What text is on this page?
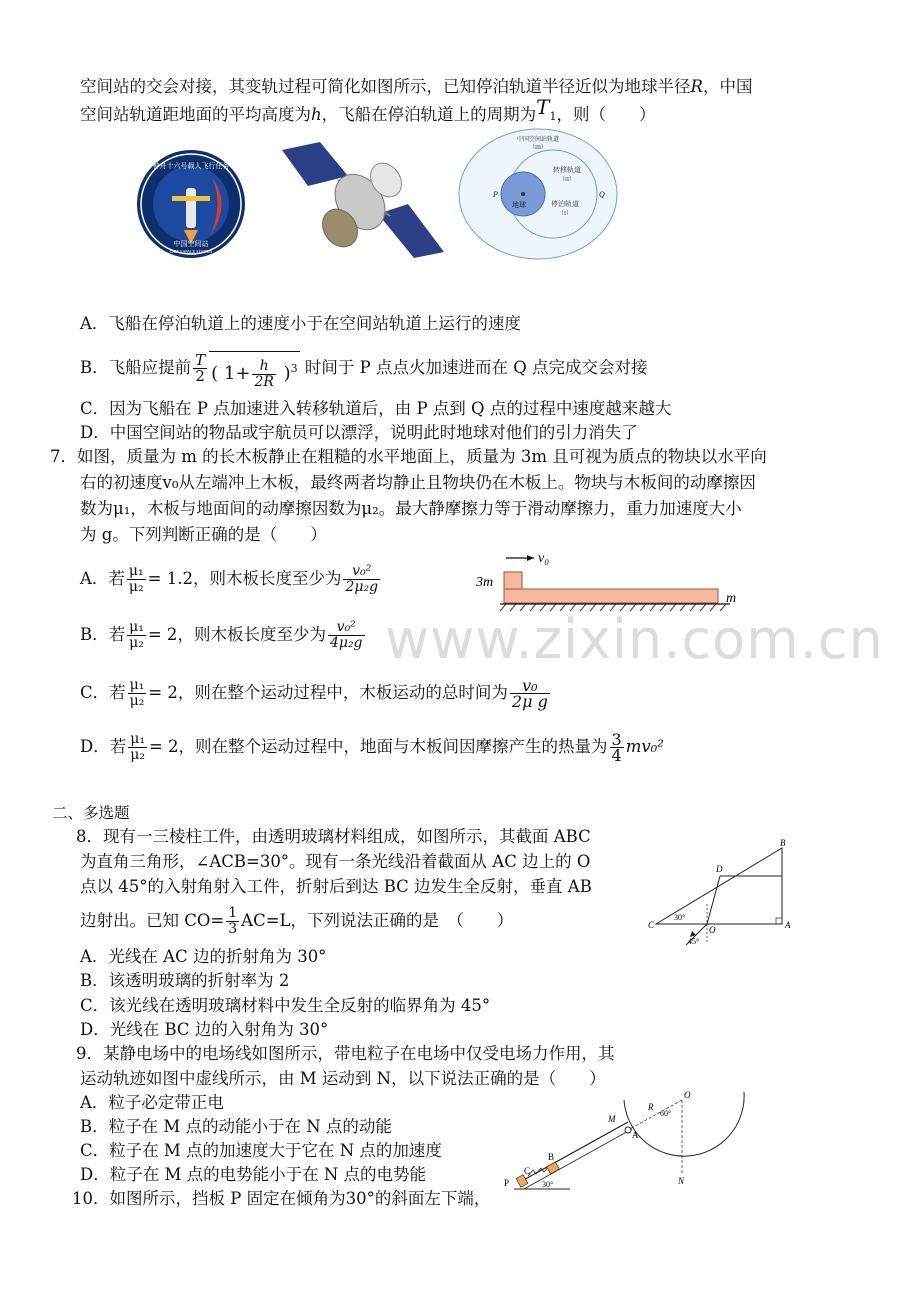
空间站的交会对接，其变轨过程可简化如图所示，已知停泊轨道半径近似为地球半径R，中国
空间站轨道距地面的平均高度为h，飞船在停泊轨道上的周期为T1，则（　　）
神舟十六号载人飞行任务
中国空间站
CHINA SPACE STATION
中国空间站轨道
（III）
转移轨道
（II）
停泊轨道
（I）
地球
P	Q
A．飞船在停泊轨道上的速度小于在空间站轨道上运行的速度
B．飞船应提前 $\frac{T}{2}$ ( $1+ \frac{h}{2R} )^3$ 时间于 P 点点火加速进而在 Q 点完成交会对接
C．因为飞船在 P 点加速进入转移轨道后，由 P 点到 Q 点的过程中速度越来越大
D．中国空间站的物品或宇航员可以漂浮，说明此时地球对他们的引力消失了
7．如图，质量为 m 的长木板静止在粗糙的水平地面上，质量为 3m 且可视为质点的物块以水平向
右的初速度v₀从左端冲上木板，最终两者均静止且物块仍在木板上。物块与木板间的动摩擦因
数为μ₁，木板与地面间的动摩擦因数为μ₂。最大静摩擦力等于滑动摩擦力，重力加速度大小
为 g。下列判断正确的是（　　）
A．若 $\frac{\text{μ₁}}{\text{μ₂}} = 1.2$，则木板长度至少为 $\frac{\text{v₀²}}{\text{2μ₂g}}$
v₀
3m
m
www.zixin.com.cn
B．若 $\frac{\text{μ₁}}{\text{μ₂}} = 2$，则木板长度至少为 $\frac{\text{v₀²}}{\text{4μ₂g}}$
C．若 $\frac{\text{μ₁}}{\text{μ₂}} = 2$，则在整个运动过程中，木板运动的总时间为 $\frac{\text{v₀}}{\text{2μ g}}$
D．若 $\frac{\text{μ₁}}{\text{μ₂}} = 2$，则在整个运动过程中，地面与木板间因摩擦产生的热量为 $\frac{3}{4} mv_0^2$
二、多选题
8．现有一三棱柱工件，由透明玻璃材料组成，如图所示，其截面 ABC
为直角三角形，∠ACB=30°。现有一条光线沿着截面从 AC 边上的 O
点以 45°的入射角射入工件，折射后到达 BC 边发生全反射，垂直 AB
边射出。已知 $CO= \frac{1}{3} AC=L$，下列说法正确的是　（　　）
B
C	A
D
O
30°
45°
A．光线在 AC 边的折射角为 30°
B．该透明玻璃的折射率为 2
C．该光线在透明玻璃材料中发生全反射的临界角为 45°
D．光线在 BC 边的入射角为 30°
9．某静电场中的电场线如图所示，带电粒子在电场中仅受电场力作用，其
运动轨迹如图中虚线所示，由 M 运动到 N，以下说法正确的是（　　）
O
R
60°
M
A
B
C
P	N
30°
A．粒子必定带正电
B．粒子在 M 点的动能小于在 N 点的动能
C．粒子在 M 点的加速度大于它在 N 点的加速度
D．粒子在 M 点的电势能小于在 N 点的电势能
10．如图所示，挡板 P 固定在倾角为30°的斜面左下端，
